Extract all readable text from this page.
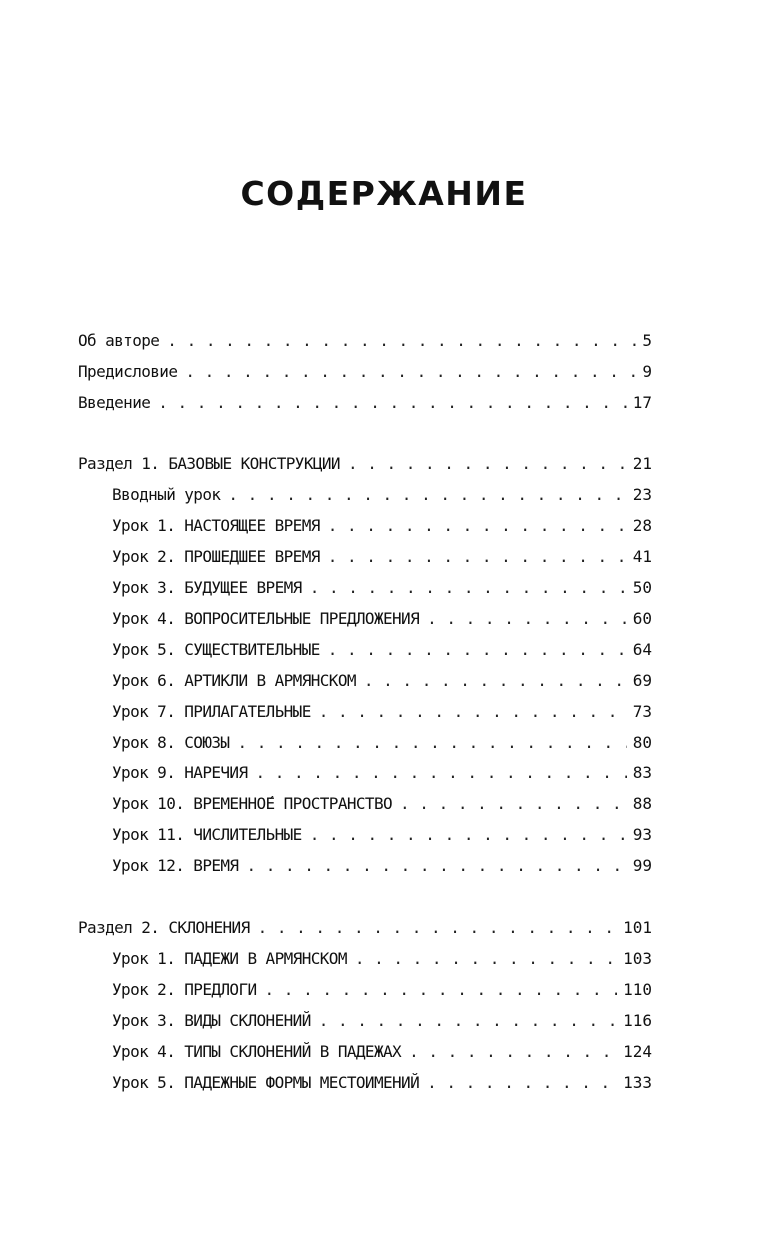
СОДЕРЖАНИЕ
Об авторе . . .	5
Предисловие . . .	9
Введение . . .	17
Раздел 1. БАЗОВЫЕ КОНСТРУКЦИИ . . .	21
Вводный урок . . .	23
Урок 1. НАСТОЯЩЕЕ ВРЕМЯ . . .	28
Урок 2. ПРОШЕДШЕЕ ВРЕМЯ . . .	41
Урок 3. БУДУЩЕЕ ВРЕМЯ . . .	50
Урок 4. ВОПРОСИТЕЛЬНЫЕ ПРЕДЛОЖЕНИЯ . . .	60
Урок 5. СУЩЕСТВИТЕЛЬНЫЕ . . .	64
Урок 6. АРТИКЛИ В АРМЯНСКОМ . . .	69
Урок 7. ПРИЛАГАТЕЛЬНЫЕ . . .	73
Урок 8. СОЮЗЫ . . .	80
Урок 9. НАРЕЧИЯ . . .	83
Урок 10. ВРЕМЕННО́Е ПРОСТРАНСТВО . . .	88
Урок 11. ЧИСЛИТЕЛЬНЫЕ . . .	93
Урок 12. ВРЕМЯ . . .	99
Раздел 2. СКЛОНЕНИЯ . . .	101
Урок 1. ПАДЕЖИ В АРМЯНСКОМ . . .	103
Урок 2. ПРЕДЛОГИ . . .	110
Урок 3. ВИДЫ СКЛОНЕНИЙ . . .	116
Урок 4. ТИПЫ СКЛОНЕНИЙ В ПАДЕЖАХ . . .	124
Урок 5. ПАДЕЖНЫЕ ФОРМЫ МЕСТОИМЕНИЙ . . .	133
